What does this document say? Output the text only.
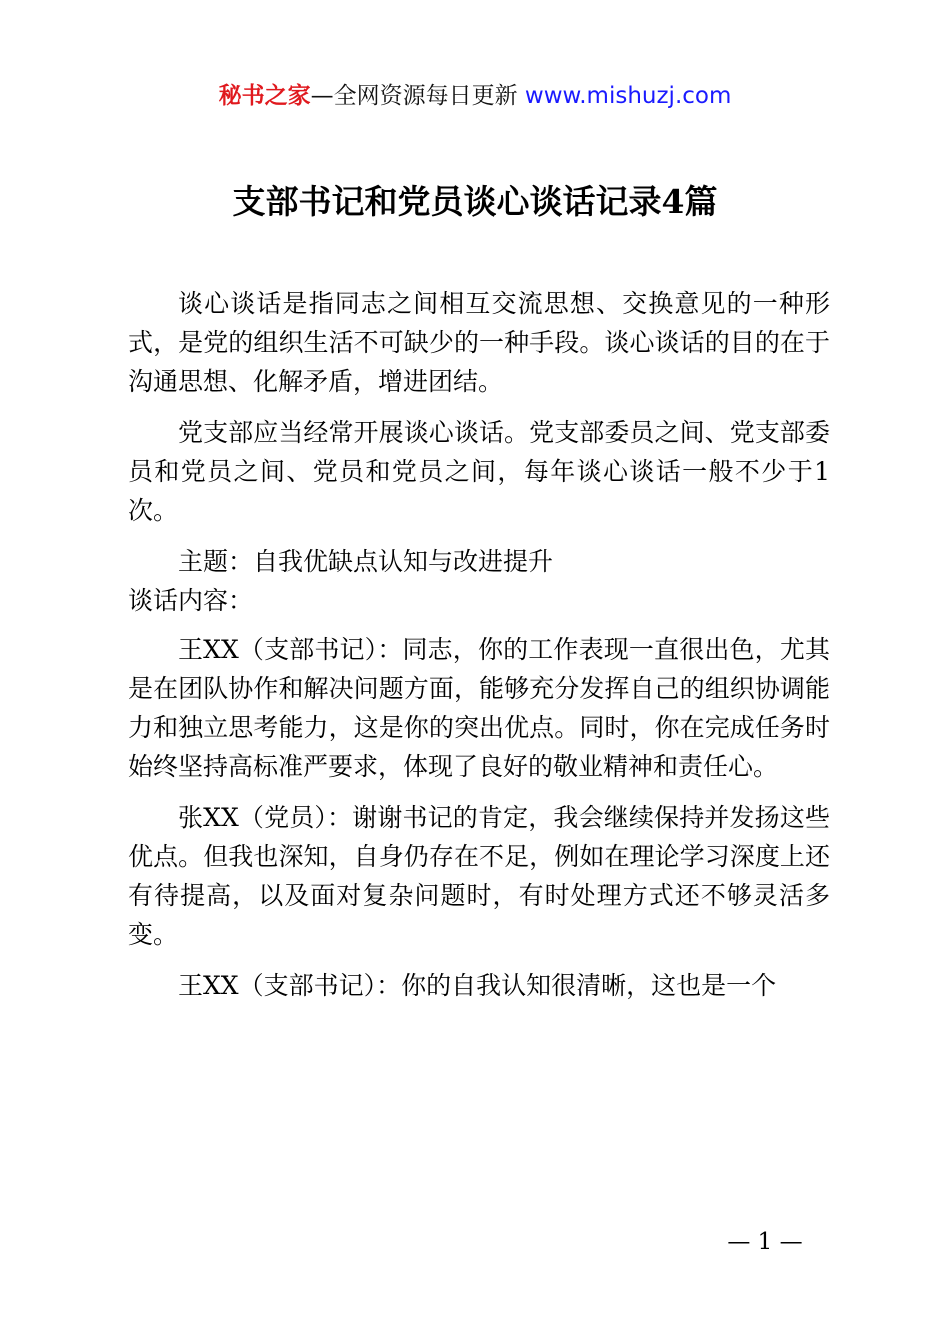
秘书之家—全网资源每日更新 www.mishuzj.com
支部书记和党员谈心谈话记录4篇

谈心谈话是指同志之间相互交流思想、交换意见的一种形式，是党的组织生活不可缺少的一种手段。谈心谈话的目的在于沟通思想、化解矛盾，增进团结。

党支部应当经常开展谈心谈话。党支部委员之间、党支部委员和党员之间、党员和党员之间，每年谈心谈话一般不少于1次。

主题：自我优缺点认知与改进提升

谈话内容：

王XX（支部书记）：同志，你的工作表现一直很出色，尤其是在团队协作和解决问题方面，能够充分发挥自己的组织协调能力和独立思考能力，这是你的突出优点。同时，你在完成任务时始终坚持高标准严要求，体现了良好的敬业精神和责任心。

张XX（党员）：谢谢书记的肯定，我会继续保持并发扬这些优点。但我也深知，自身仍存在不足，例如在理论学习深度上还有待提高，以及面对复杂问题时，有时处理方式还不够灵活多变。

王XX（支部书记）：你的自我认知很清晰，这也是一个

— 1 —
